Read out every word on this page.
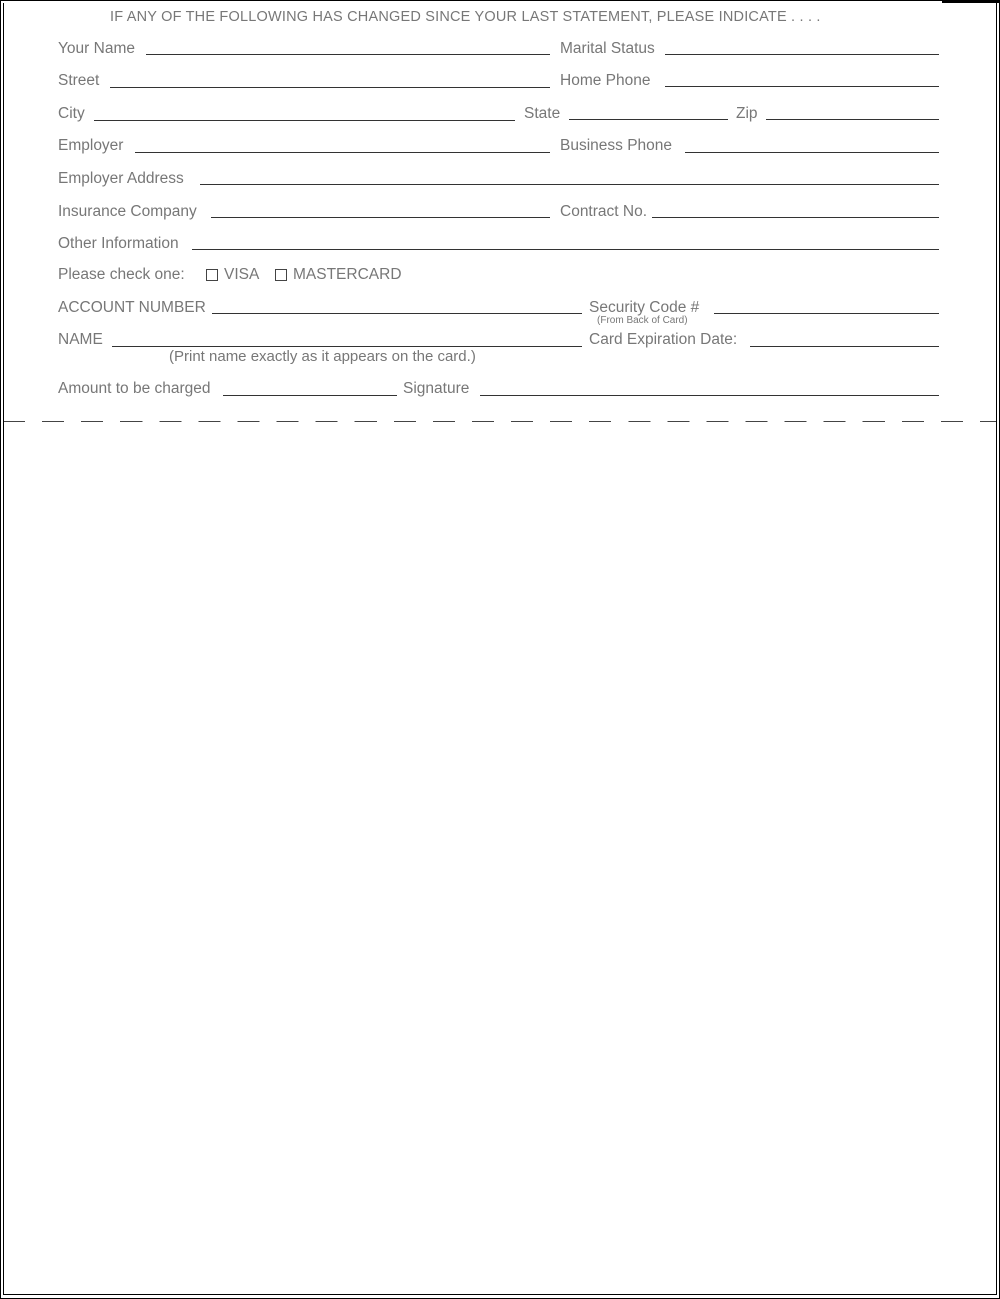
IF ANY OF THE FOLLOWING HAS CHANGED SINCE YOUR LAST STATEMENT, PLEASE INDICATE . . . .
Your Name	Marital Status
Street	Home Phone
City	State	Zip
Employer	Business Phone
Employer Address
Insurance Company	Contract No.
Other Information
Please check one:	VISA MASTERCARD
ACCOUNT NUMBER	Security Code #
(From Back of Card)
NAME	Card Expiration Date:
(Print name exactly as it appears on the card.)
Amount to be charged	Signature
